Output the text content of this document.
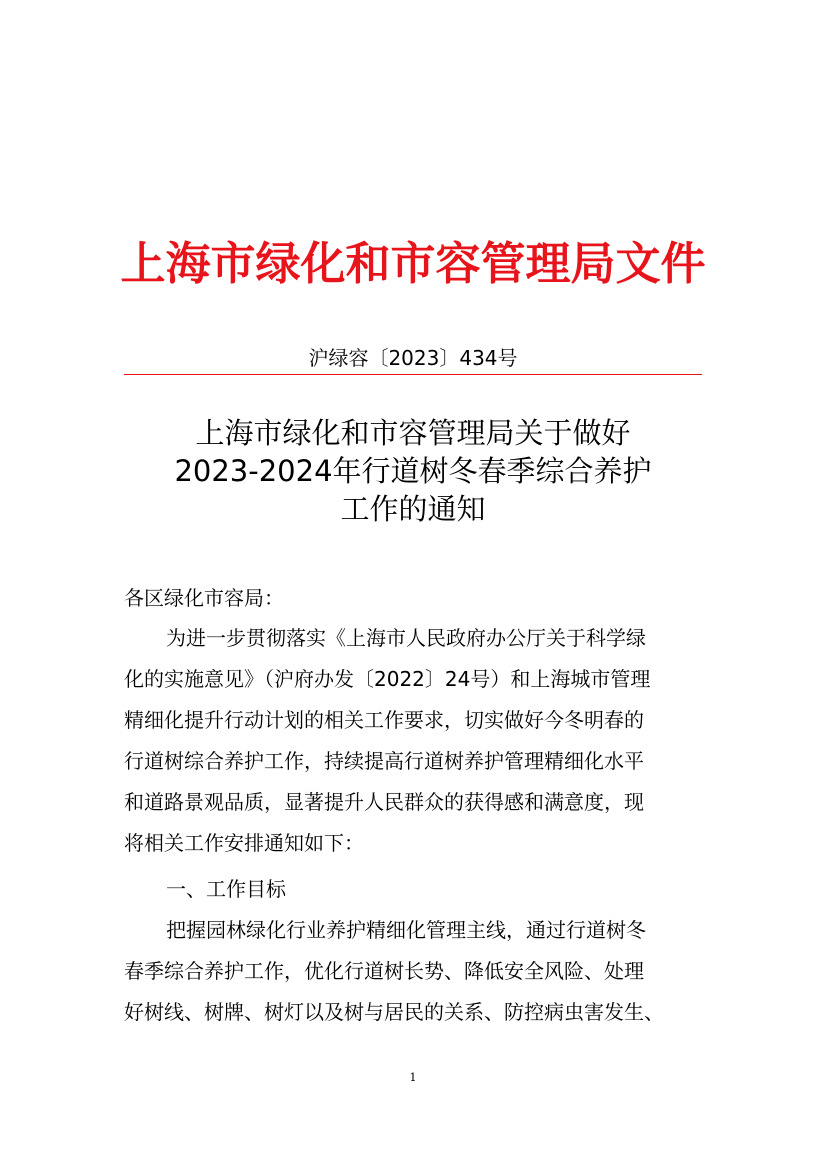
上海市绿化和市容管理局文件
沪绿容〔2023〕434号
上海市绿化和市容管理局关于做好
2023-2024年行道树冬春季综合养护
工作的通知
各区绿化市容局：
为进一步贯彻落实《上海市人民政府办公厅关于科学绿
化的实施意见》（沪府办发〔2022〕24号）和上海城市管理
精细化提升行动计划的相关工作要求，切实做好今冬明春的
行道树综合养护工作，持续提高行道树养护管理精细化水平
和道路景观品质，显著提升人民群众的获得感和满意度，现
将相关工作安排通知如下：
一、工作目标
把握园林绿化行业养护精细化管理主线，通过行道树冬
春季综合养护工作，优化行道树长势、降低安全风险、处理
好树线、树牌、树灯以及树与居民的关系、防控病虫害发生、
1
